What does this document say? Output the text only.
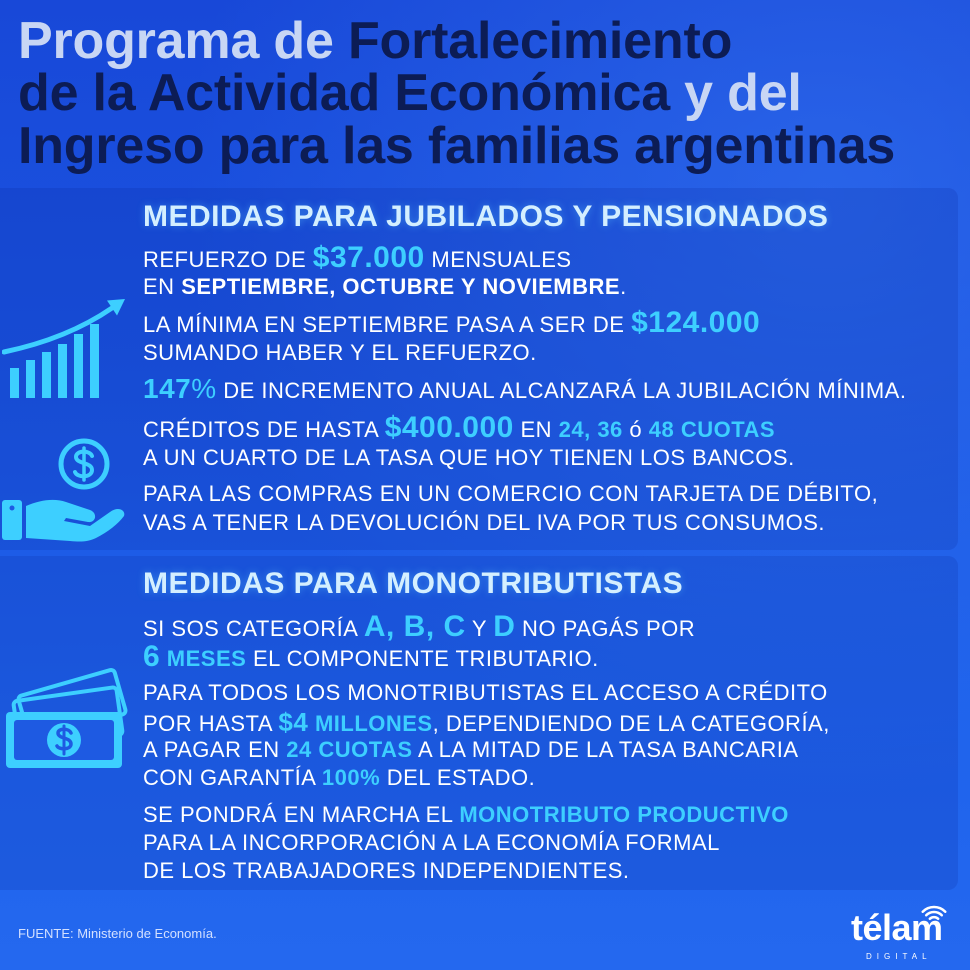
Programa de Fortalecimiento
de la Actividad Económica y del
Ingreso para las familias argentinas
MEDIDAS PARA JUBILADOS Y PENSIONADOS
REFUERZO DE $37.000 MENSUALES
EN SEPTIEMBRE, OCTUBRE Y NOVIEMBRE.
LA MÍNIMA EN SEPTIEMBRE PASA A SER DE $124.000
SUMANDO HABER Y EL REFUERZO.
147% DE INCREMENTO ANUAL ALCANZARÁ LA JUBILACIÓN MÍNIMA.
CRÉDITOS DE HASTA $400.000 EN 24, 36 ó 48 CUOTAS
A UN CUARTO DE LA TASA QUE HOY TIENEN LOS BANCOS.
PARA LAS COMPRAS EN UN COMERCIO CON TARJETA DE DÉBITO,
VAS A TENER LA DEVOLUCIÓN DEL IVA POR TUS CONSUMOS.
MEDIDAS PARA MONOTRIBUTISTAS
SI SOS CATEGORÍA A, B, C Y D NO PAGÁS POR
6 MESES EL COMPONENTE TRIBUTARIO.
PARA TODOS LOS MONOTRIBUTISTAS EL ACCESO A CRÉDITO
POR HASTA $4 MILLONES, DEPENDIENDO DE LA CATEGORÍA,
A PAGAR EN 24 CUOTAS A LA MITAD DE LA TASA BANCARIA
CON GARANTÍA 100% DEL ESTADO.
SE PONDRÁ EN MARCHA EL MONOTRIBUTO PRODUCTIVO
PARA LA INCORPORACIÓN A LA ECONOMÍA FORMAL
DE LOS TRABAJADORES INDEPENDIENTES.
FUENTE: Ministerio de Economía.	télam
DIGITAL
